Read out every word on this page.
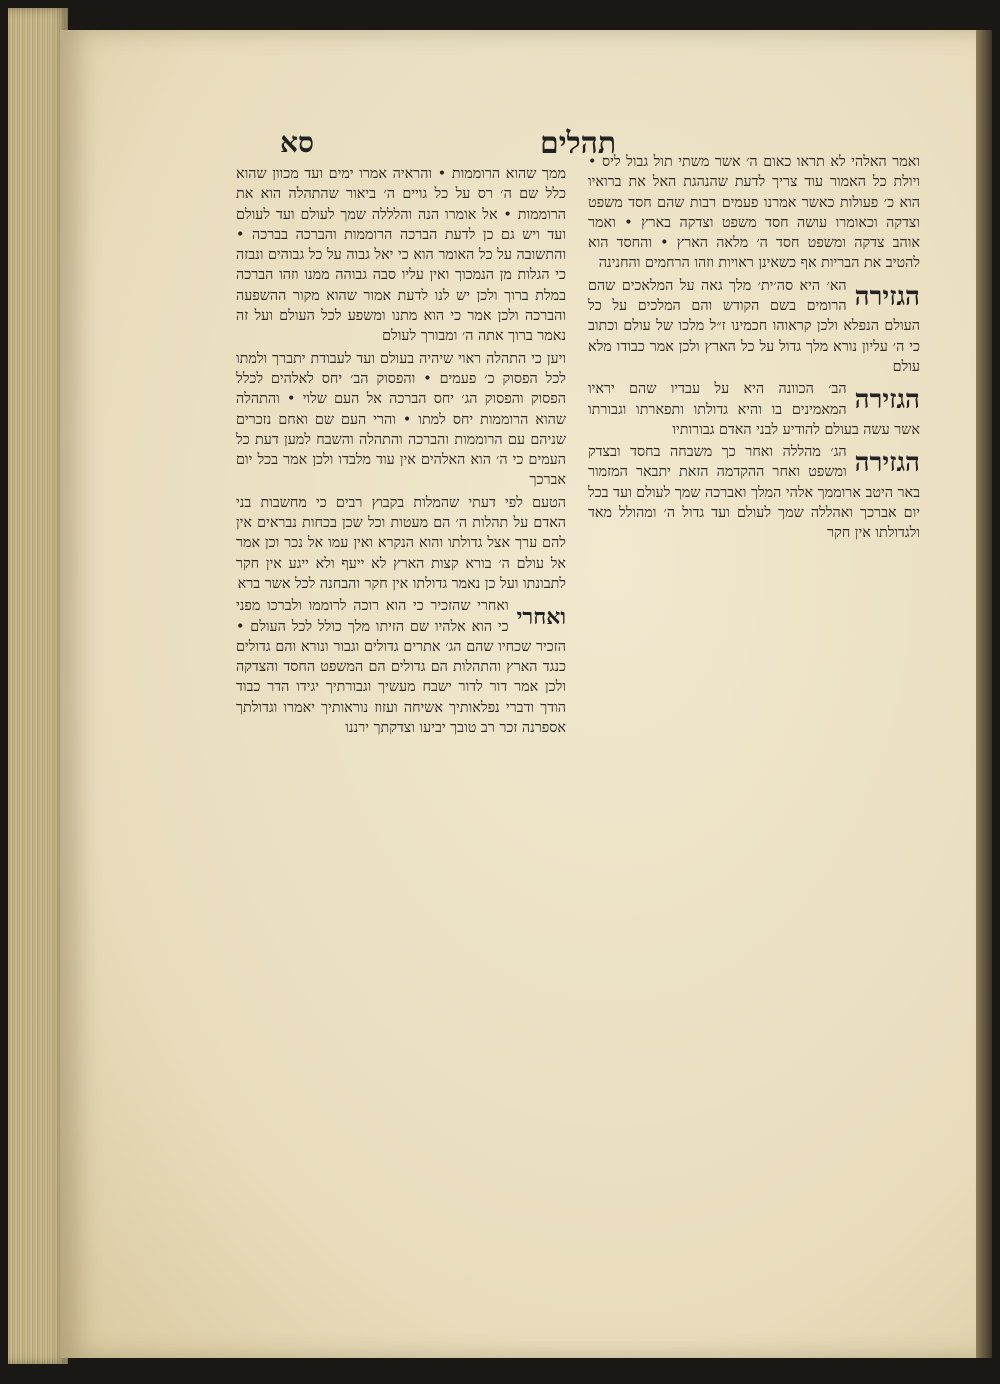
סא	תהלים

ואמר האלהי לא תראו כאום ה׳ אשר משתי תול גבול ליס • ויולת כל האמור עוד צריך לדעת שהנהגת האל את ברואיו הוא כ׳ פעולות כאשר אמרנו פעמים רבות שהם חסד משפט וצדקה וכאומרו עושה חסד משפט וצדקה בארץ • ואמר אוהב צדקה ומשפט חסד ה׳ מלאה הארץ • והחסד הוא להטיב את הבריות אף כשאינן ראויות וזהו הרחמים והחנינה

הגזירה

הא׳ היא סה׳ית׳ מלך גאה על המלאכים שהם הרומים בשם הקודש והם המלכים על כל העולם הנפלא ולכן קראוהו חכמינו ז״ל מלכו של עולם וכתוב כי ה׳ עליון נורא מלך גדול על כל הארץ ולכן אמר כבודו מלא עולם

הגזירה

הב׳ הכוונה היא על עבדיו שהם יראיו המאמינים בו והיא גדולתו ותפארתו וגבורתו אשר עשה בעולם להודיע לבני האדם גבורותיו

הגזירה

הג׳ מהללה ואחר כך משבחה בחסד ובצדק ומשפט ואחר ההקדמה הזאת יתבאר המזמור באר היטב ארוממך אלהי המלך ואברכה שמך לעולם ועד בכל יום אברכך ואהללה שמך לעולם ועד גדול ה׳ ומהולל מאד ולגדולתו אין חקר

ממך שהוא הרוממות • והראיה אמרו ימים ועד מכוון שהוא כלל שם ה׳ רס על כל גויים ה׳ ביאור שהתהלה הוא את הרוממות • אל אומרו הנה והלללה שמך לעולם ועד לעולם ועד ויש גם כן לדעת הברכה הרוממות והברכה בברכה • והתשובה על כל האומר הוא כי יאל גבוה על כל גבוהים ונבזה כי הגלות מן הנמכוך ואין עליו סבה גבוהה ממנו וזהו הברכה במלת ברוך ולכן יש לנו לדעת אמור שהוא מקור ההשפעה והברכה ולכן אמר כי הוא מתנו ומשפע לכל העולם ועל זה נאמר ברוך אתה ה׳ ומבורך לעולם

ויען כי התהלה ראוי שיהיה בעולם ועד לעבודת יתברך ולמתו לכל הפסוק כ׳ פעמים • והפסוק הב׳ יחס לאלהים לכלל הפסוק והפסוק הג׳ יחס הברכה אל העם שלוי • והתהלה שהוא הרוממות יחס למתו • והרי העם שם ואחם נזכרים שניהם עם הרוממות והברכה והתהלה והשבח למען דעת כל העמים כי ה׳ הוא האלהים אין עוד מלבדו ולכן אמר בכל יום אברכך

הטעם לפי דעתי שהמלות בקבוץ רבים כי מחשבות בני האדם על תהלות ה׳ הם מעטות וכל שכן בכחות נבראים אין להם ערך אצל גדולתו והוא הנקרא ואין עמו אל נכר וכן אמר אל עולם ה׳ בורא קצות הארץ לא ייעף ולא ייגע אין חקר לתבונתו ועל כן נאמר גדולתו אין חקר והבחנה לכל אשר ברא

ואחרי

ואחרי שהזכיר כי הוא רוכה לרוממו ולברכו מפני כי הוא אלהיו שם הזיתו מלך כולל לכל העולם • הזכיר שכחיו שהם הג׳ אתרים גדולים וגבור ונורא והם גדולים כנגד הארץ והתהלות הם גדולים הם המשפט החסד והצדקה ולכן אמר דור לדור ישבח מעשיך וגבורתיך יגידו הדר כבוד הודך ודברי נפלאותיך אשיחה ועזוז נוראותיך יאמרו וגדולתך אספרנה זכר רב טובך יביעו וצדקתך ירננו
